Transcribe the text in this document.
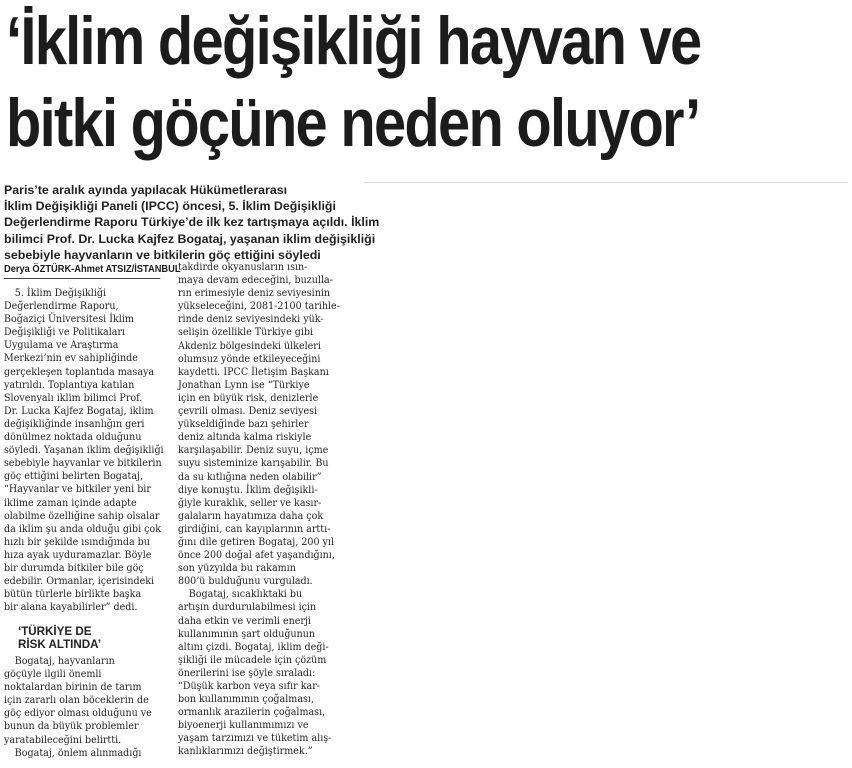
‘İklim değişikliği hayvan ve
bitki göçüne neden oluyor’
Paris’te aralık ayında yapılacak Hükümetlerarası
İklim Değişikliği Paneli (IPCC) öncesi, 5. İklim Değişikliği
Değerlendirme Raporu Türkiye’de ilk kez tartışmaya açıldı. İklim
bilimci Prof. Dr. Lucka Kajfez Bogataj, yaşanan iklim değişikliği
sebebiyle hayvanların ve bitkilerin göç ettiğini söyledi
Derya ÖZTÜRK-Ahmet ATSIZ/İSTANBUL
5. İklim Değişikliği
Değerlendirme Raporu,
Boğaziçi Üniversitesi İklim
Değişikliği ve Politikaları
Uygulama ve Araştırma
Merkezi’nin ev sahipliğinde
gerçekleşen toplantıda masaya
yatırıldı. Toplantıya katılan
Slovenyalı iklim bilimci Prof.
Dr. Lucka Kajfez Bogataj, iklim
değişikliğinde insanlığın geri
dönülmez noktada olduğunu
söyledi. Yaşanan iklim değişikliği
sebebiyle hayvanlar ve bitkilerin
göç ettiğini belirten Bogataj,
“Hayvanlar ve bitkiler yeni bir
iklime zaman içinde adapte
olabilme özelliğine sahip olsalar
da iklim şu anda olduğu gibi çok
hızlı bir şekilde ısındığında bu
hıza ayak uyduramazlar. Böyle
bir durumda bitkiler bile göç
edebilir. Ormanlar, içerisindeki
bütün türlerle birlikte başka
bir alana kayabilirler” dedi.
‘TÜRKİYE DE
RİSK ALTINDA’
Bogataj, hayvanların
göçüyle ilgili önemli
noktalardan birinin de tarım
için zararlı olan böceklerin de
göç ediyor olması olduğunu ve
bunun da büyük problemler
yaratabileceğini belirtti.
Bogataj, önlem alınmadığı
takdirde okyanusların ısın-
maya devam edeceğini, buzulla-
rın erimesiyle deniz seviyesinin
yükseleceğini, 2081-2100 tarihle-
rinde deniz seviyesindeki yük-
selişin özellikle Türkiye gibi
Akdeniz bölgesindeki ülkeleri
olumsuz yönde etkileyeceğini
kaydetti. IPCC İletişim Başkanı
Jonathan Lynn ise “Türkiye
için en büyük risk, denizlerle
çevrili olması. Deniz seviyesi
yükseldiğinde bazı şehirler
deniz altında kalma riskiyle
karşılaşabilir. Deniz suyu, içme
suyu sisteminize karışabilir. Bu
da su kıtlığına neden olabilir”
diye konuştu. İklim değişikli-
ğiyle kuraklık, seller ve kasır-
galaların hayatımıza daha çok
girdiğini, can kayıplarının arttı-
ğını dile getiren Bogataj, 200 yıl
önce 200 doğal afet yaşandığını,
son yüzyılda bu rakamın
800’ü bulduğunu vurguladı.
Bogataj, sıcaklıktaki bu
artışın durdurulabilmesi için
daha etkin ve verimli enerji
kullanımının şart olduğunun
altını çizdi. Bogataj, iklim deği-
şikliği ile mücadele için çözüm
önerilerini ise şöyle sıraladı:
“Düşük karbon veya sıfır kar-
bon kullanımının çoğalması,
ormanlık arazilerin çoğalması,
biyoenerji kullanımımızı ve
yaşam tarzımızı ve tüketim alış-
kanlıklarımızı değiştirmek.”
